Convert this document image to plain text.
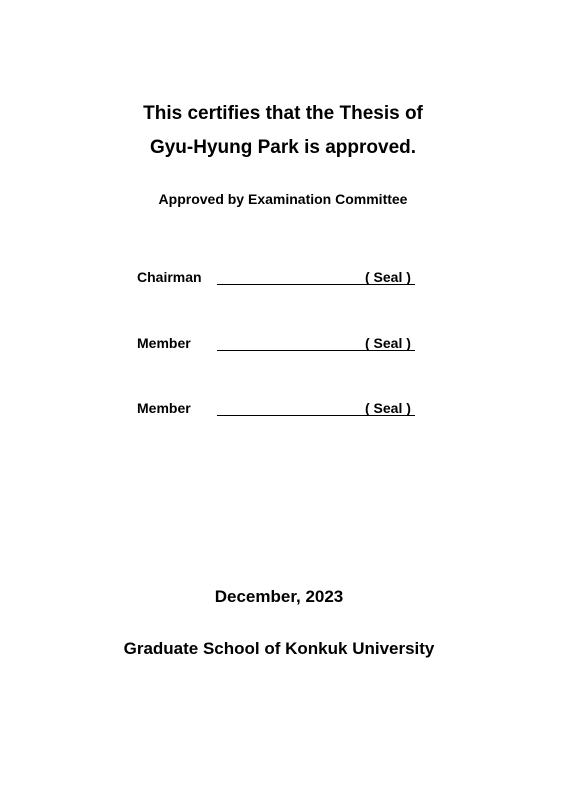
This certifies that the Thesis of
Gyu-Hyung Park is approved.
Approved by Examination Committee
Chairman	( Seal )
Member	( Seal )
Member	( Seal )
December, 2023
Graduate School of Konkuk University
